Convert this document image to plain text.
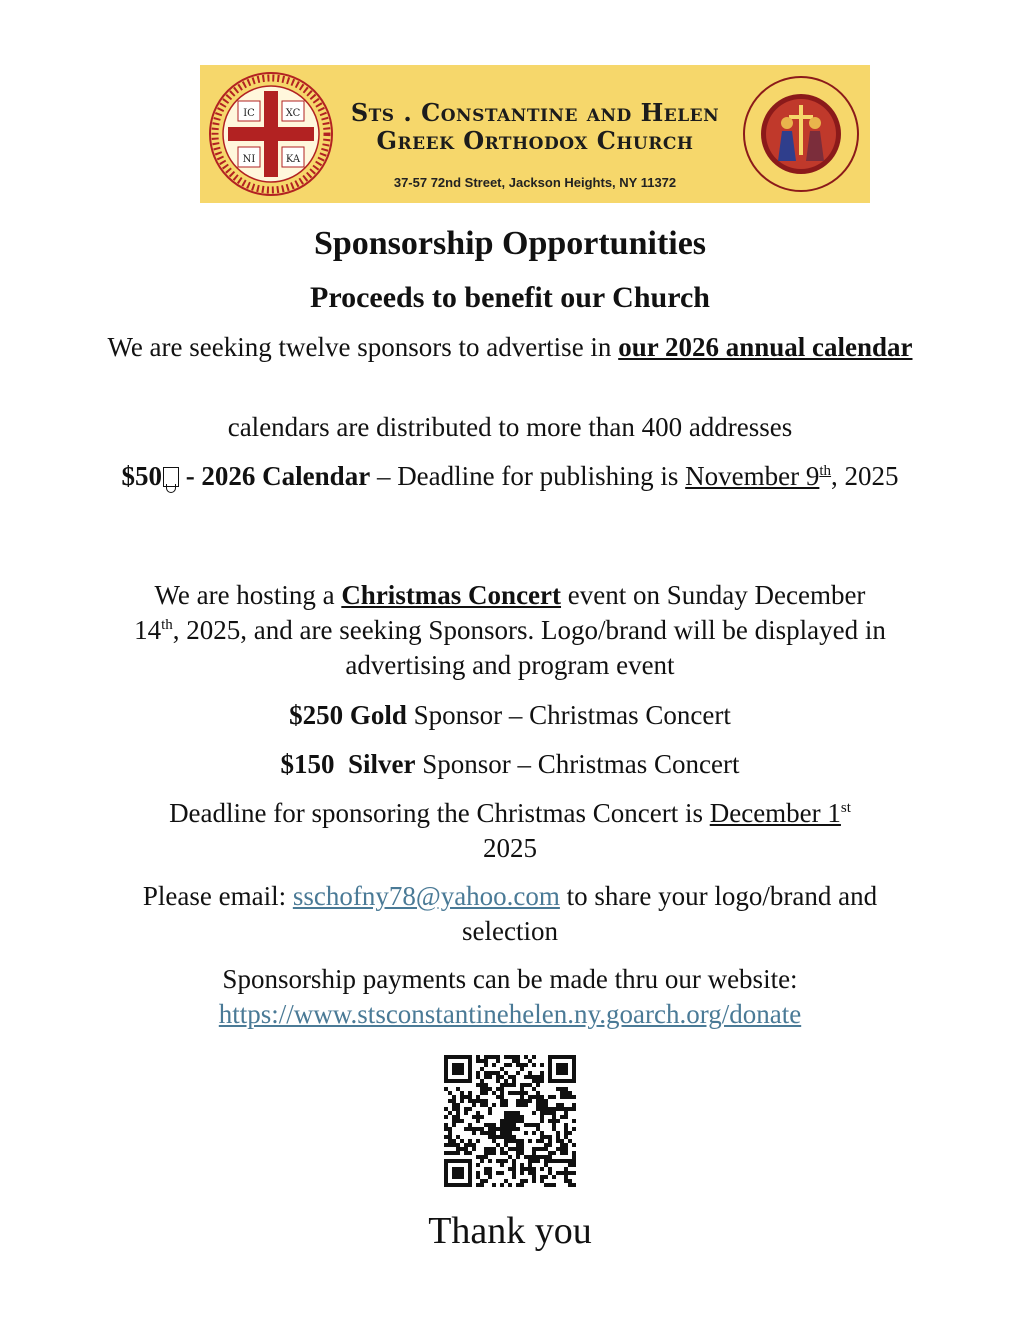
IC	XC
NI	KA
Sts . Constantine and Helen
Greek Orthodox Church
37-57 72nd Street, Jackson Heights, NY 11372
Sponsorship Opportunities
Proceeds to benefit our Church
We are seeking twelve sponsors to advertise in our 2026 annual calendar
calendars are distributed to more than 400 addresses
$50 - 2026 Calendar – Deadline for publishing is November 9th, 2025
We are hosting a Christmas Concert event on Sunday December 14th, 2025, and are seeking Sponsors. Logo/brand will be displayed in advertising and program event
$250 Gold Sponsor – Christmas Concert
$150  Silver Sponsor – Christmas Concert
Deadline for sponsoring the Christmas Concert is December 1st
2025
Please email: sschofny78@yahoo.com to share your logo/brand and selection
Sponsorship payments can be made thru our website:
https://www.stsconstantinehelen.ny.goarch.org/donate
Thank you
